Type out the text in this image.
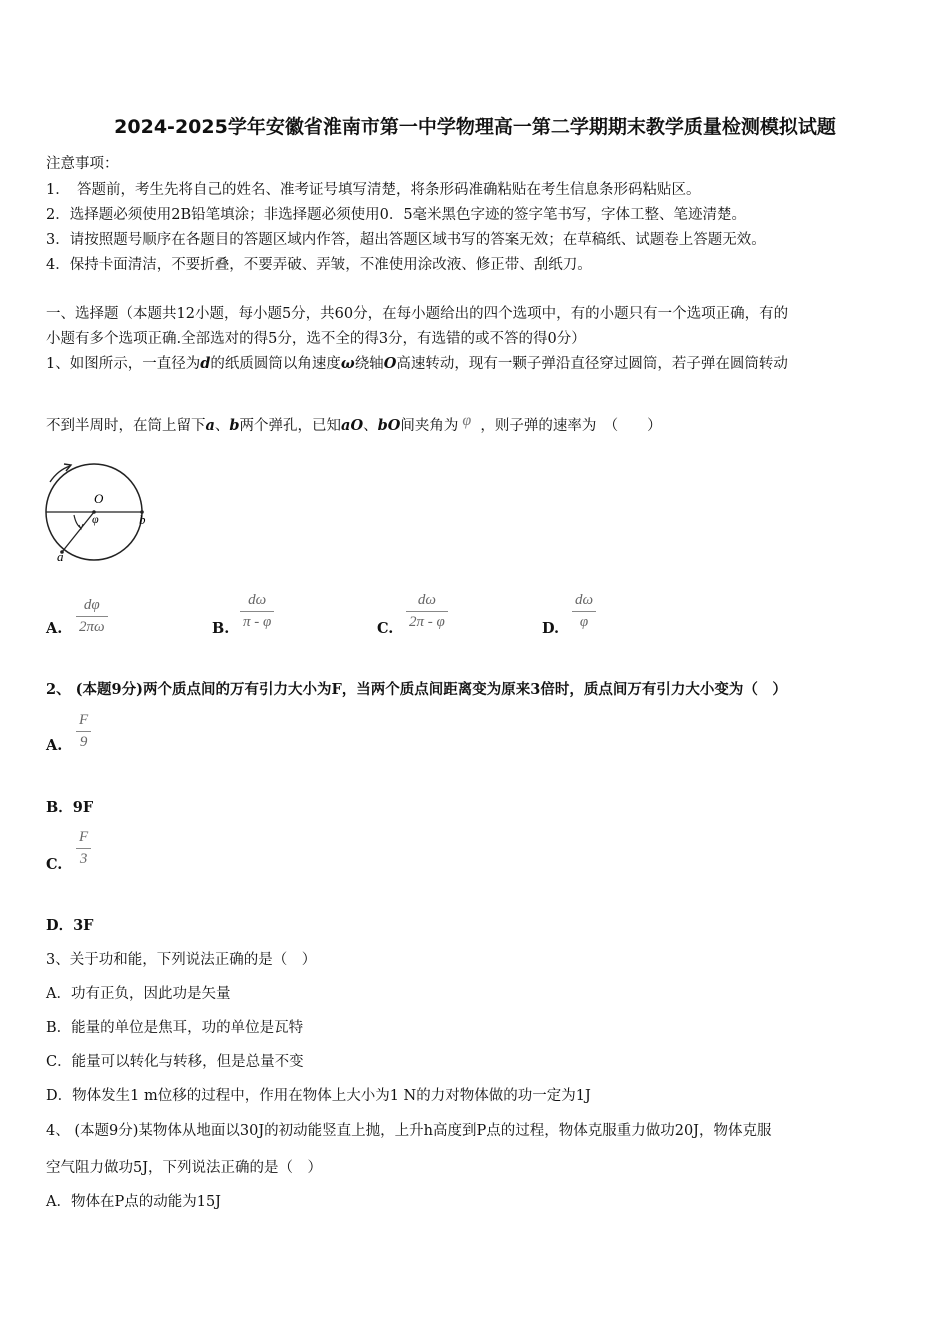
2024-2025学年安徽省淮南市第一中学物理高一第二学期期末教学质量检测模拟试题
注意事项：
1．　答题前，考生先将自己的姓名、准考证号填写清楚，将条形码准确粘贴在考生信息条形码粘贴区。
2．选择题必须使用2B铅笔填涂；非选择题必须使用0．5毫米黑色字迹的签字笔书写，字体工整、笔迹清楚。
3．请按照题号顺序在各题目的答题区域内作答，超出答题区域书写的答案无效；在草稿纸、试题卷上答题无效。
4．保持卡面清洁，不要折叠，不要弄破、弄皱，不准使用涂改液、修正带、刮纸刀。
一、选择题（本题共12小题，每小题5分，共60分，在每小题给出的四个选项中，有的小题只有一个选项正确，有的
小题有多个选项正确.全部选对的得5分，选不全的得3分，有选错的或不答的得0分）
1、如图所示，一直径为d的纸质圆筒以角速度ω绕轴O高速转动，现有一颗子弹沿直径穿过圆筒，若子弹在圆筒转动
不到半周时，在筒上留下a、b两个弹孔，已知aO、bO间夹角为 φ ，则子弹的速率为　（　　）
O
φ
a
b
A. $\frac{d\varphi}{2\pi\omega}$	B. $\frac{d\omega}{\pi - \varphi}$	C. $\frac{d\omega}{2\pi - \varphi}$	D. $\frac{d\omega}{\varphi}$
2、 (本题9分)两个质点间的万有引力大小为F，当两个质点间距离变为原来3倍时，质点间万有引力大小变为（　）
A. $\frac{F}{9}$
B．9F
C. $\frac{F}{3}$
D．3F
3、关于功和能，下列说法正确的是（　）
A．功有正负，因此功是矢量
B．能量的单位是焦耳，功的单位是瓦特
C．能量可以转化与转移，但是总量不变
D．物体发生1 m位移的过程中，作用在物体上大小为1 N的力对物体做的功一定为1J
4、 (本题9分)某物体从地面以30J的初动能竖直上抛，上升h高度到P点的过程，物体克服重力做功20J，物体克服
空气阻力做功5J，下列说法正确的是（　）
A．物体在P点的动能为15J
